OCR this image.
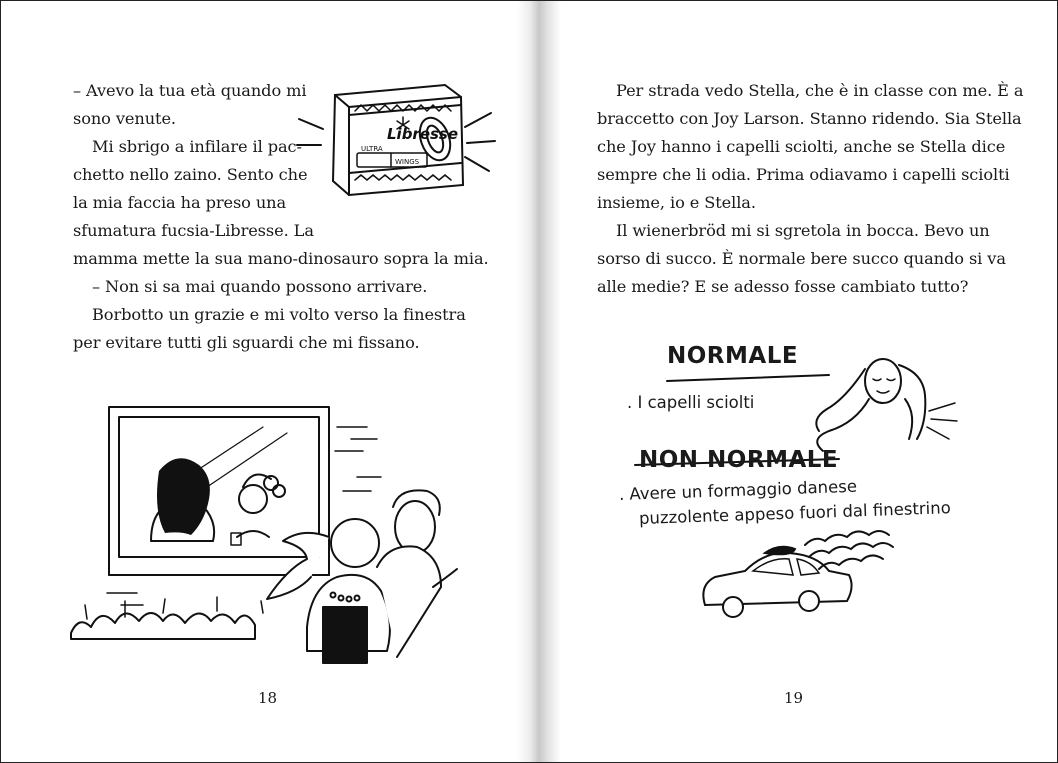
– Avevo la tua età quando mi

sono venute.

Mi sbrigo a infilare il pac-

chetto nello zaino. Sento che

la mia faccia ha preso una

sfumatura fucsia-Libresse. La

mamma mette la sua mano-dinosauro sopra la mia.

– Non si sa mai quando possono arrivare.

Borbotto un grazie e mi volto verso la finestra

per evitare tutti gli sguardi che mi fissano.

Libresse
ULTRA
WINGS
18

Per strada vedo Stella, che è in classe con me. È a

braccetto con Joy Larson. Stanno ridendo. Sia Stella

che Joy hanno i capelli sciolti, anche se Stella dice

sempre che li odia. Prima odiavamo i capelli sciolti

insieme, io e Stella.

Il wienerbröd mi si sgretola in bocca. Bevo un

sorso di succo. È normale bere succo quando si va

alle medie? E se adesso fosse cambiato tutto?

NORMALE
. I capelli sciolti
NON NORMALE
. Avere un formaggio danese
puzzolente appeso fuori dal finestrino
19
